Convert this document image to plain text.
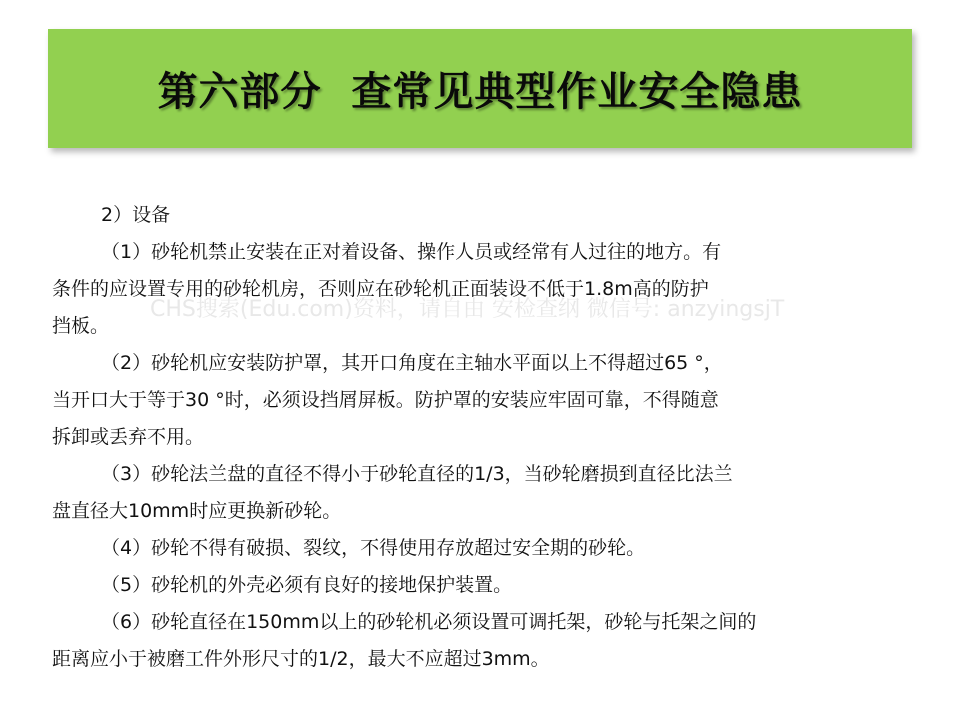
第六部分  查常见典型作业安全隐患
CHS搜索(Edu.com)资料，请自由 安检查纲 微信号: anzyingsjT
2）设备
（1）砂轮机禁止安装在正对着设备、操作人员或经常有人过往的地方。有
条件的应设置专用的砂轮机房，否则应在砂轮机正面装设不低于1.8m高的防护
挡板。
（2）砂轮机应安装防护罩，其开口角度在主轴水平面以上不得超过65 °，
当开口大于等于30 °时，必须设挡屑屏板。防护罩的安装应牢固可靠，不得随意
拆卸或丢弃不用。
（3）砂轮法兰盘的直径不得小于砂轮直径的1/3，当砂轮磨损到直径比法兰
盘直径大10mm时应更换新砂轮。
（4）砂轮不得有破损、裂纹，不得使用存放超过安全期的砂轮。
（5）砂轮机的外壳必须有良好的接地保护装置。
（6）砂轮直径在150mm以上的砂轮机必须设置可调托架，砂轮与托架之间的
距离应小于被磨工件外形尺寸的1/2，最大不应超过3mm。
